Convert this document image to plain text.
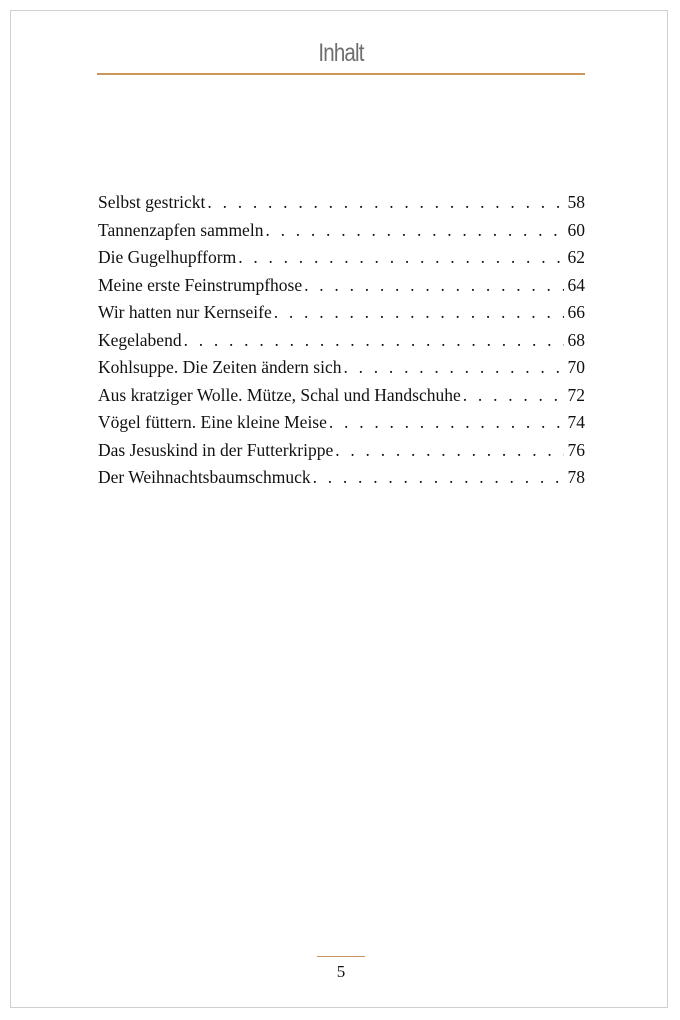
Inhalt
Selbst gestrickt . . .	58
Tannenzapfen sammeln . . .	60
Die Gugelhupfform . . .	62
Meine erste Feinstrumpfhose . . .	64
Wir hatten nur Kernseife . . .	66
Kegelabend . . .	68
Kohlsuppe. Die Zeiten ändern sich . . .	70
Aus kratziger Wolle. Mütze, Schal und Handschuhe . . .	72
Vögel füttern. Eine kleine Meise . . .	74
Das Jesuskind in der Futterkrippe . . .	76
Der Weihnachtsbaumschmuck . . .	78
5
